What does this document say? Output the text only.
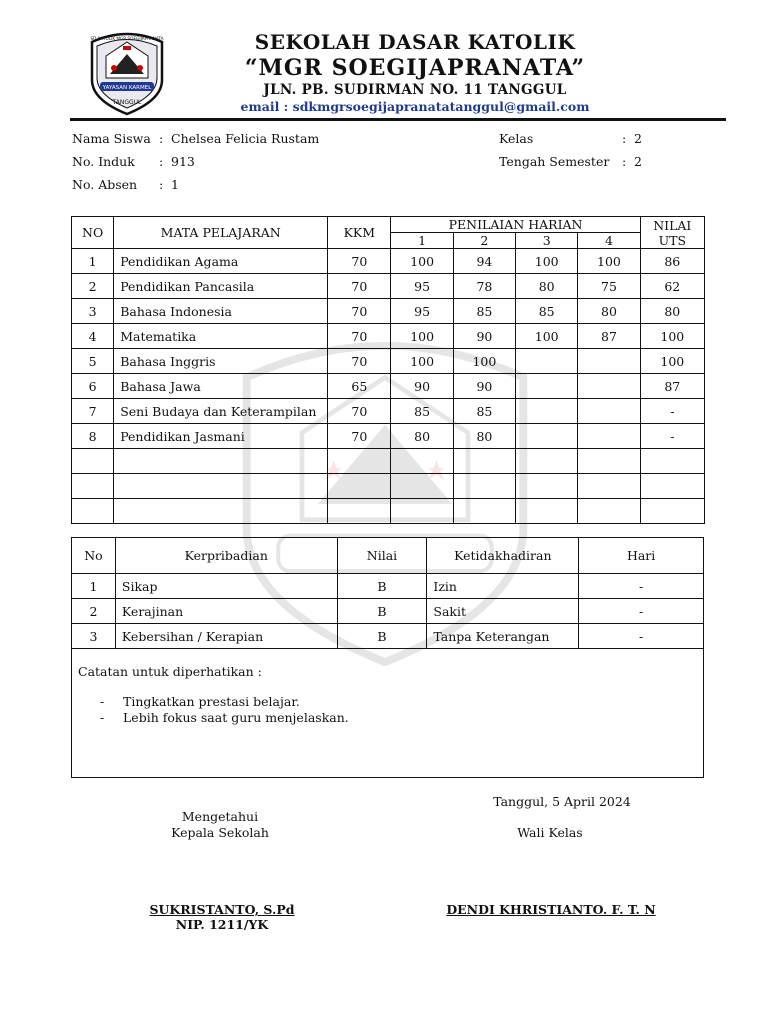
YAYASAN KARMEL
TANGGUL
SD KATOLIK MGR SOEGIJAPRANATA	SEKOLAH DASAR KATOLIK
“MGR SOEGIJAPRANATA”
JLN. PB. SUDIRMAN NO. 11 TANGGUL
email : sdkmgrsoegijapranatatanggul@gmail.com
Nama Siswa : Chelsea Felicia Rustam
No. Induk : 913
No. Absen : 1
Kelas	: 2
Tengah Semester : 2
NO	MATA PELAJARAN	KKM	PENILAIAN HARIAN				NILAI
UTS

			1	2	3	4	
1	Pendidikan Agama	70	100	94	100	100	86
2	Pendidikan Pancasila	70	95	78	80	75	62
3	Bahasa Indonesia	70	95	85	85	80	80
4	Matematika	70	100	90	100	87	100
5	Bahasa Inggris	70	100	100			100
6	Bahasa Jawa	65	90	90			87
7	Seni Budaya dan Keterampilan	70	85	85			-
8	Pendidikan Jasmani	70	80	80			-

No	Kerpribadian	Nilai	Ketidakhadiran	Hari
1	Sikap	B	Izin	-
2	Kerajinan	B	Sakit	-
3	Kebersihan / Kerapian	B	Tanpa Keterangan	-
Catatan untuk diperhatikan :
- Tingkatkan prestasi belajar.
- Lebih fokus saat guru menjelaskan.
Tanggul, 5 April 2024
Mengetahui
Kepala Sekolah	Wali Kelas
SUKRISTANTO, S.Pd
NIP. 1211/YK
DENDI KHRISTIANTO. F. T. N
